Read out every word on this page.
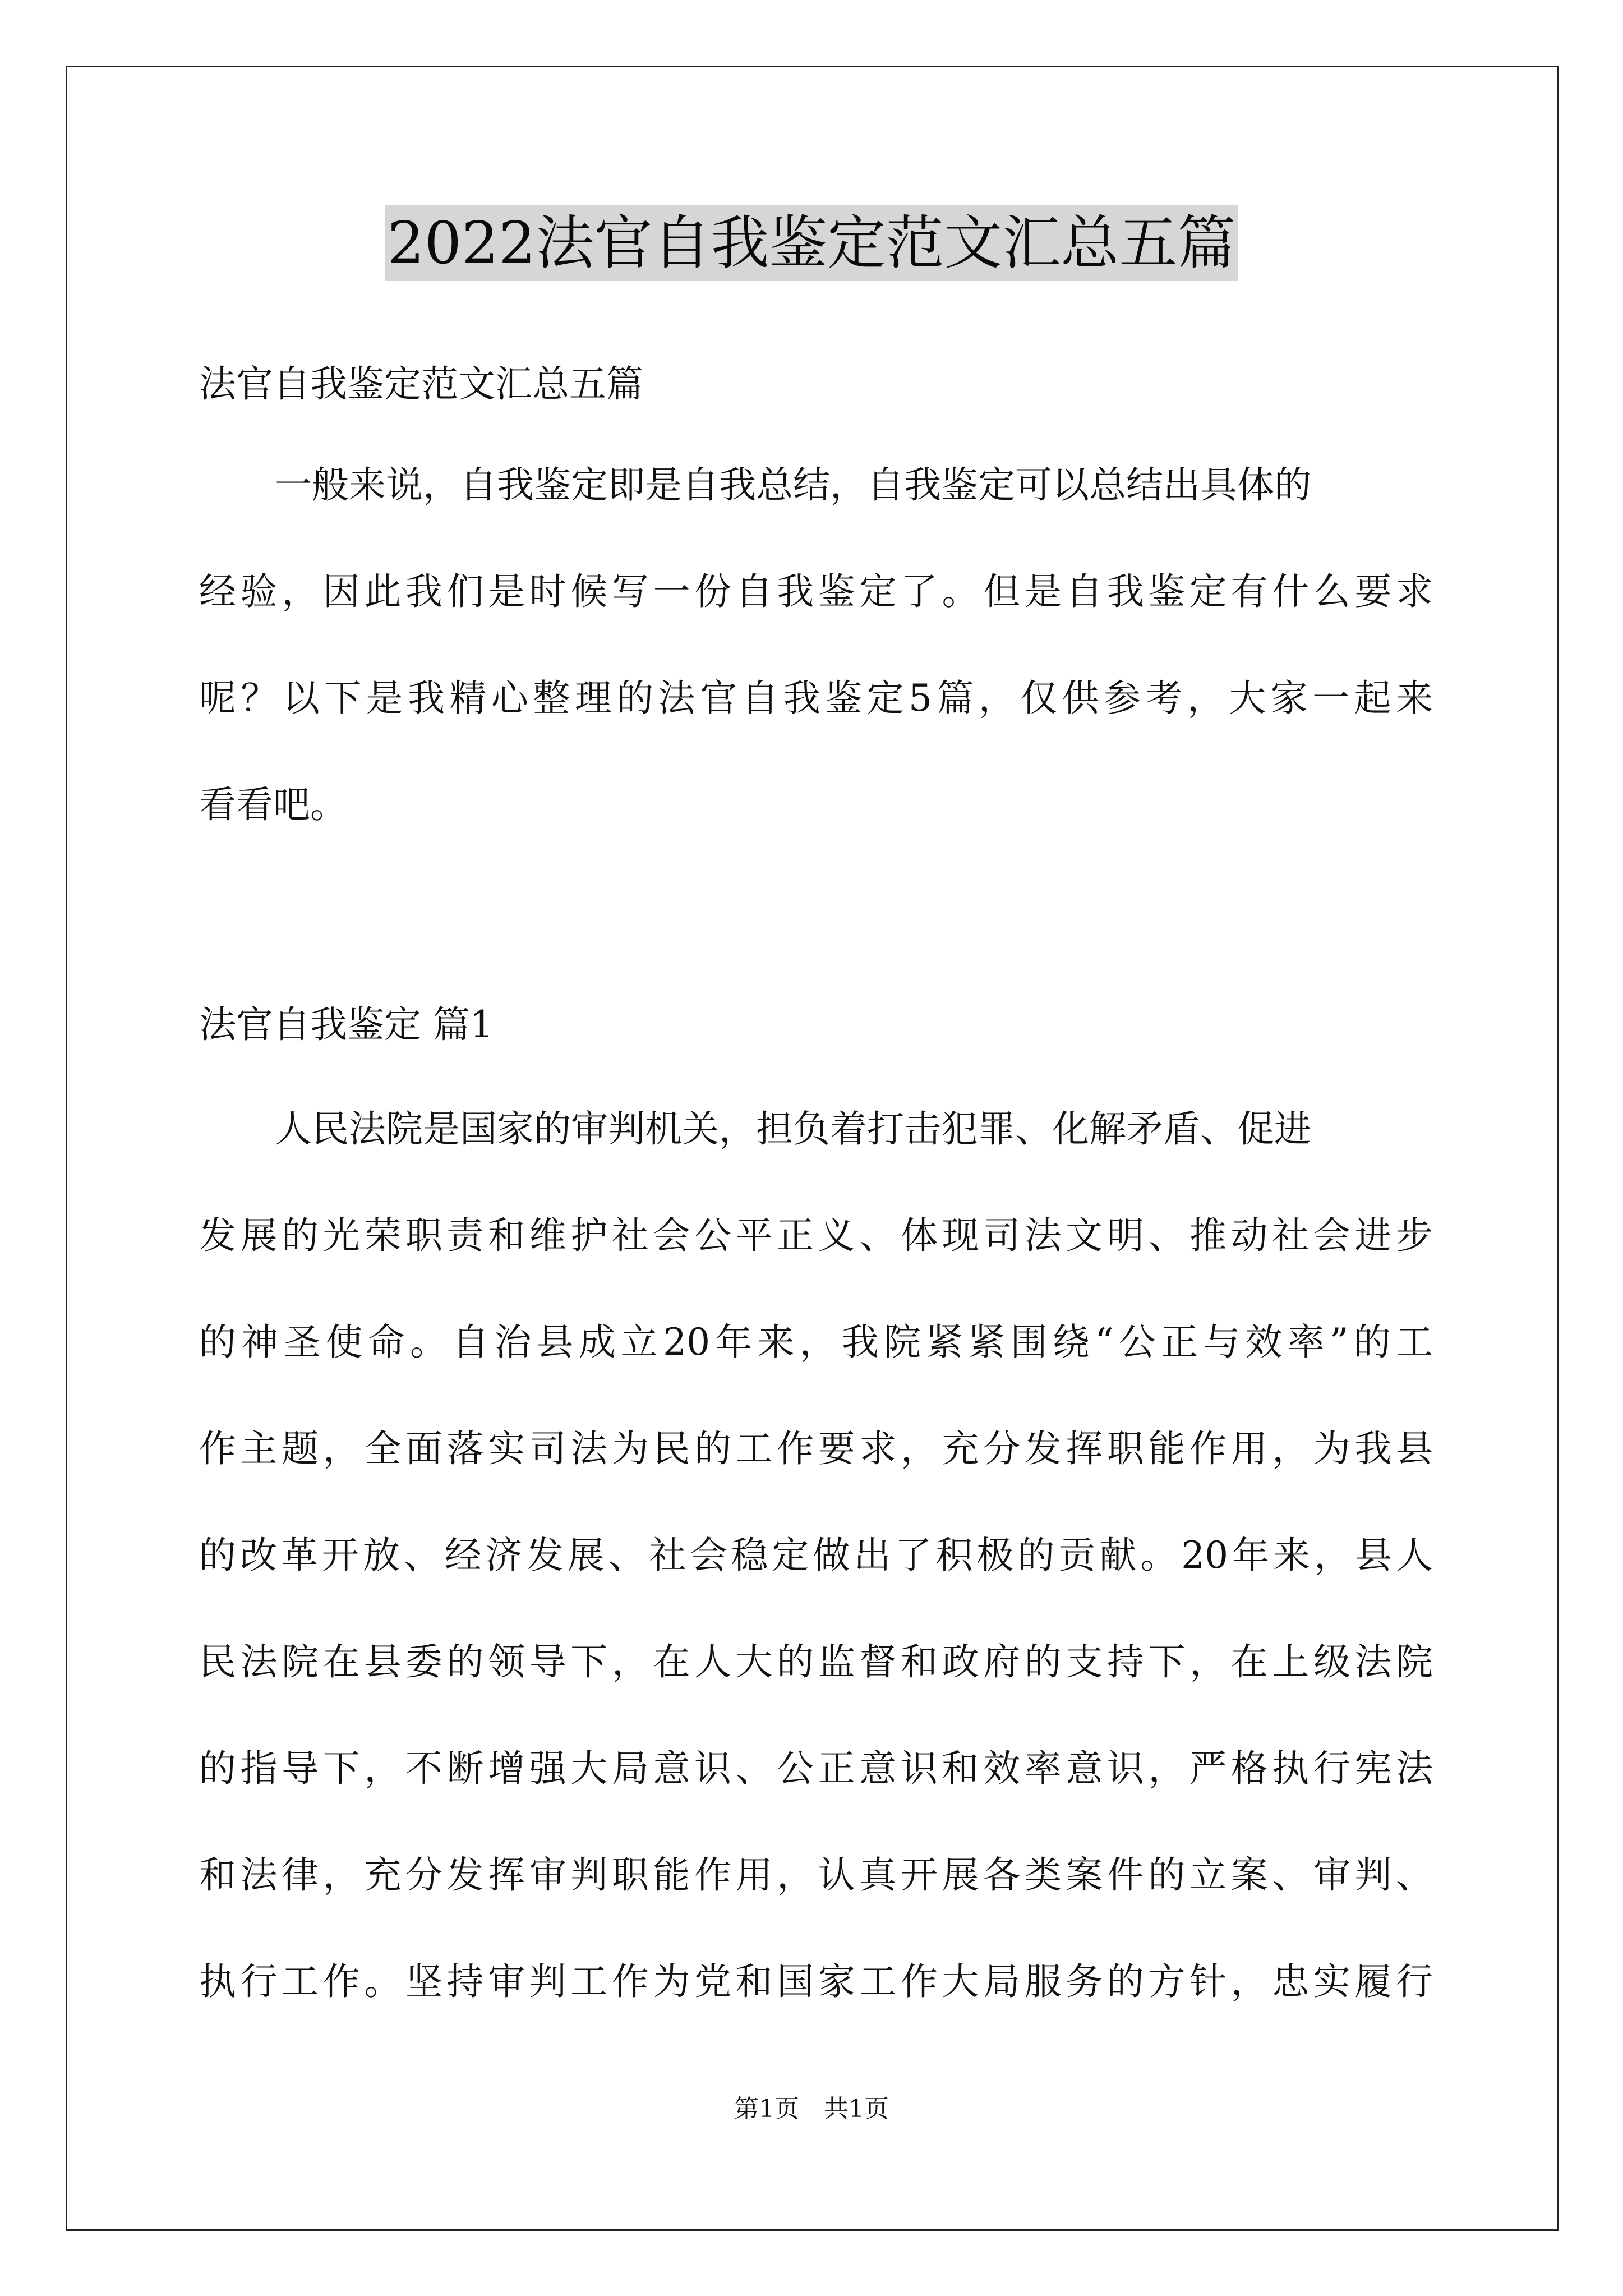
2022法官自我鉴定范文汇总五篇
法官自我鉴定范文汇总五篇
一般来说，自我鉴定即是自我总结，自我鉴定可以总结出具体的
经验，因此我们是时候写一份自我鉴定了。但是自我鉴定有什么要求
呢？以下是我精心整理的法官自我鉴定5篇，仅供参考，大家一起来
看看吧。
法官自我鉴定 篇1
人民法院是国家的审判机关，担负着打击犯罪、化解矛盾、促进
发展的光荣职责和维护社会公平正义、体现司法文明、推动社会进步
的神圣使命。自治县成立20年来，我院紧紧围绕“公正与效率”的工
作主题，全面落实司法为民的工作要求，充分发挥职能作用，为我县
的改革开放、经济发展、社会稳定做出了积极的贡献。20年来，县人
民法院在县委的领导下，在人大的监督和政府的支持下，在上级法院
的指导下，不断增强大局意识、公正意识和效率意识，严格执行宪法
和法律，充分发挥审判职能作用，认真开展各类案件的立案、审判、
执行工作。坚持审判工作为党和国家工作大局服务的方针，忠实履行
第1页　共1页
